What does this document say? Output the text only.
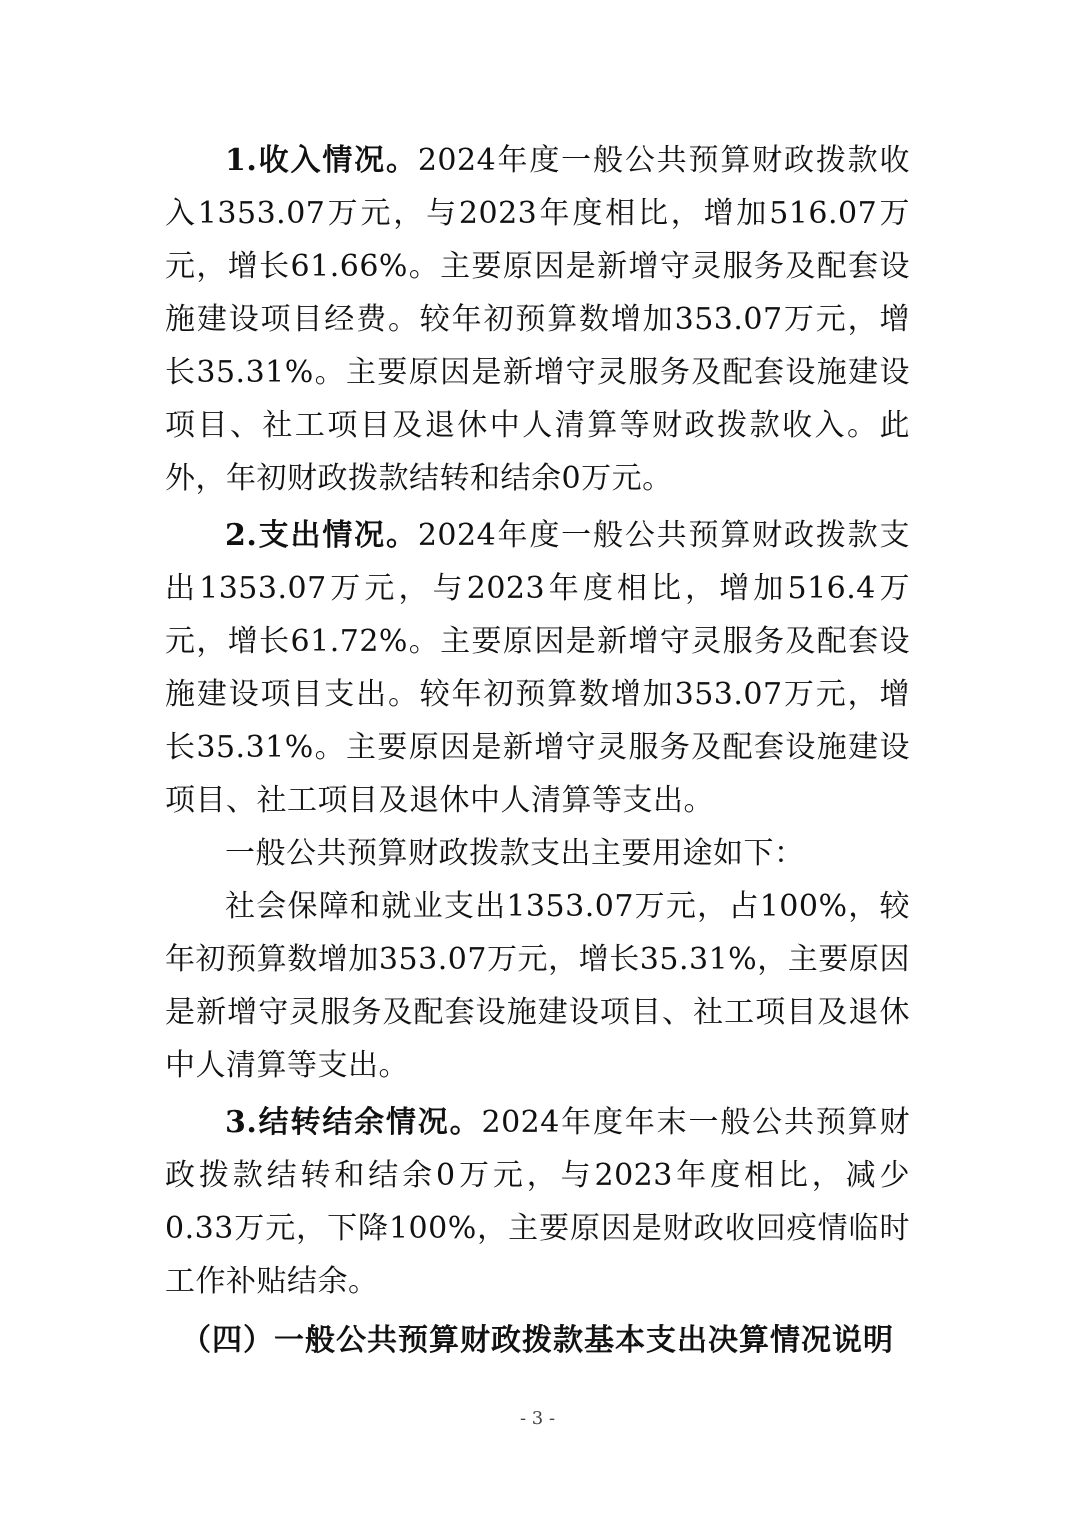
1.收入情况。2024年度一般公共预算财政拨款收入1353.07万元，与2023年度相比，增加516.07万元，增长61.66%。主要原因是新增守灵服务及配套设施建设项目经费。较年初预算数增加353.07万元，增长35.31%。主要原因是新增守灵服务及配套设施建设项目、社工项目及退休中人清算等财政拨款收入。此外，年初财政拨款结转和结余0万元。

2.支出情况。2024年度一般公共预算财政拨款支出1353.07万元，与2023年度相比，增加516.4万元，增长61.72%。主要原因是新增守灵服务及配套设施建设项目支出。较年初预算数增加353.07万元，增长35.31%。主要原因是新增守灵服务及配套设施建设项目、社工项目及退休中人清算等支出。

一般公共预算财政拨款支出主要用途如下：

社会保障和就业支出1353.07万元，占100%，较年初预算数增加353.07万元，增长35.31%，主要原因是新增守灵服务及配套设施建设项目、社工项目及退休中人清算等支出。

3.结转结余情况。2024年度年末一般公共预算财政拨款结转和结余0万元，与2023年度相比，减少0.33万元，下降100%，主要原因是财政收回疫情临时工作补贴结余。

（四）一般公共预算财政拨款基本支出决算情况说明

- 3 -
